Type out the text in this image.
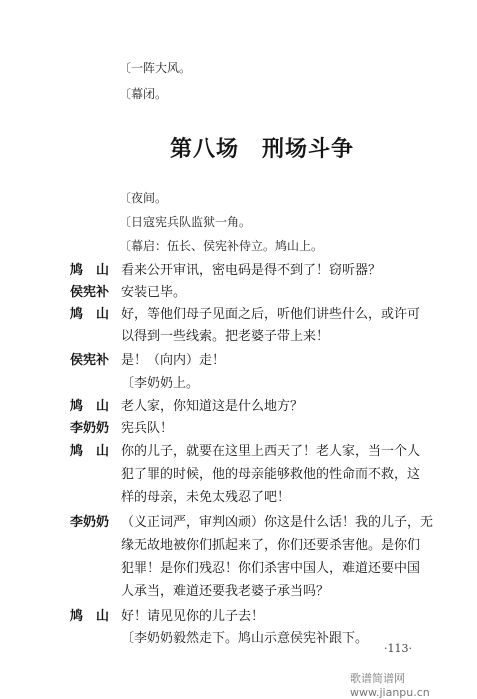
〔一阵大风。
〔幕闭。
第八场　刑场斗争
〔夜间。
〔日寇宪兵队监狱一角。
〔幕启：伍长、侯宪补侍立。鸠山上。
鸠　山 看来公开审讯，密电码是得不到了！窃听器？
侯宪补 安装已毕。
鸠　山 好，等他们母子见面之后，听他们讲些什么，或许可
以得到一些线索。把老婆子带上来！
侯宪补 是！（向内）走！
〔李奶奶上。
鸠　山 老人家，你知道这是什么地方？
李奶奶 宪兵队！
鸠　山 你的儿子，就要在这里上西天了！老人家，当一个人
犯了罪的时候，他的母亲能够救他的性命而不救，这
样的母亲，未免太残忍了吧！
李奶奶 （义正词严，审判凶顽）你这是什么话！我的儿子，无
缘无故地被你们抓起来了，你们还要杀害他。是你们
犯罪！是你们残忍！你们杀害中国人，难道还要中国
人承当，难道还要我老婆子承当吗？
鸠　山 好！请见见你的儿子去！
〔李奶奶毅然走下。鸠山示意侯宪补跟下。
·113·
歌谱简谱网 www.jianpu.cn
